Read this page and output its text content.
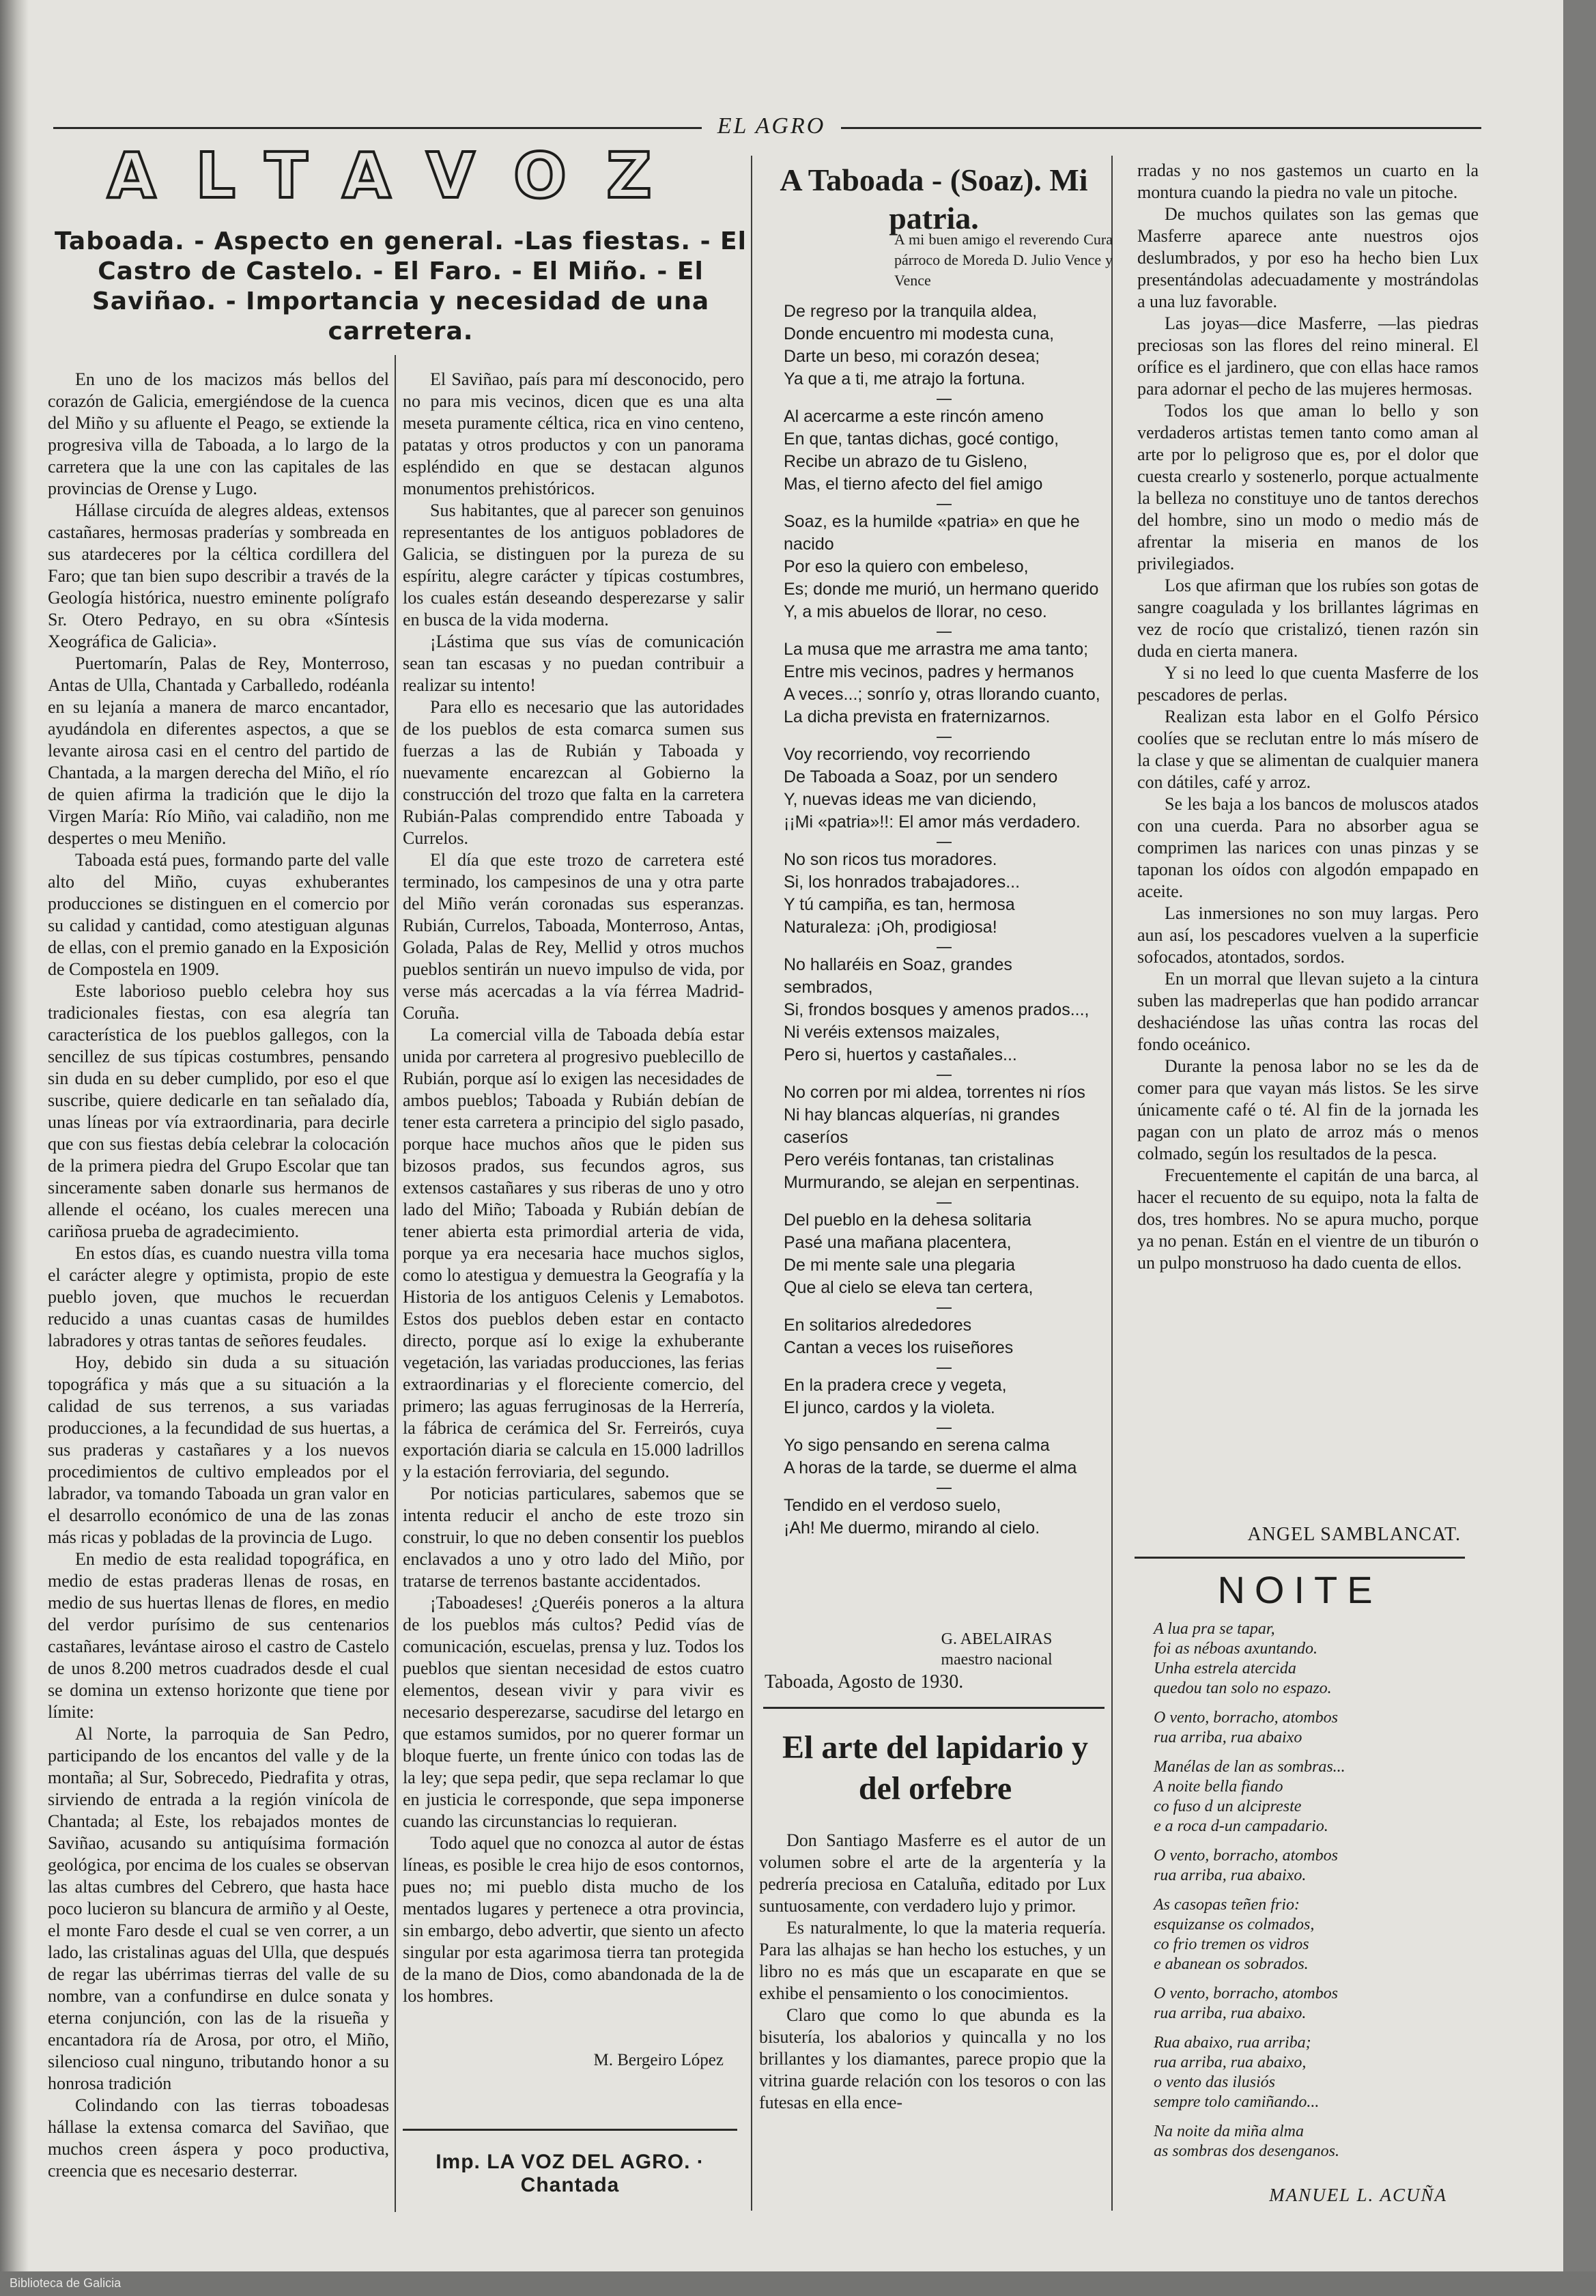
EL AGRO
ALTAVOZ
Taboada. - Aspecto en general. -Las fiestas. - El Castro de Castelo. - El Faro. - El Miño. - El Saviñao. - Importancia y necesidad de una carretera.

En uno de los macizos más bellos del corazón de Galicia, emergiéndose de la cuenca del Miño y su afluente el Peago, se extiende la progresiva villa de Taboada, a lo largo de la carretera que la une con las capitales de las provincias de Orense y Lugo.

Hállase circuída de alegres aldeas, extensos castañares, hermosas praderías y sombreada en sus atardeceres por la céltica cordillera del Faro; que tan bien supo describir a través de la Geología histórica, nuestro eminente polígrafo Sr. Otero Pedrayo, en su obra «Síntesis Xeográfica de Galicia».

Puertomarín, Palas de Rey, Monterroso, Antas de Ulla, Chantada y Carballedo, rodéanla en su lejanía a manera de marco encantador, ayudándola en diferentes aspectos, a que se levante airosa casi en el centro del partido de Chantada, a la margen derecha del Miño, el río de quien afirma la tradición que le dijo la Virgen María: Río Miño, vai caladiño, non me despertes o meu Meniño.

Taboada está pues, formando parte del valle alto del Miño, cuyas exhuberantes producciones se distinguen en el comercio por su calidad y cantidad, como atestiguan algunas de ellas, con el premio ganado en la Exposición de Compostela en 1909.

Este laborioso pueblo celebra hoy sus tradicionales fiestas, con esa alegría tan característica de los pueblos gallegos, con la sencillez de sus típicas costumbres, pensando sin duda en su deber cumplido, por eso el que suscribe, quiere dedicarle en tan señalado día, unas líneas por vía extraordinaria, para decirle que con sus fiestas debía celebrar la colocación de la primera piedra del Grupo Escolar que tan sinceramente saben donarle sus hermanos de allende el océano, los cuales merecen una cariñosa prueba de agradecimiento.

En estos días, es cuando nuestra villa toma el carácter alegre y optimista, propio de este pueblo joven, que muchos le recuerdan reducido a unas cuantas casas de humildes labradores y otras tantas de señores feudales.

Hoy, debido sin duda a su situación topográfica y más que a su situación a la calidad de sus terrenos, a sus variadas producciones, a la fecundidad de sus huertas, a sus praderas y castañares y a los nuevos procedimientos de cultivo empleados por el labrador, va tomando Taboada un gran valor en el desarrollo económico de una de las zonas más ricas y pobladas de la provincia de Lugo.

En medio de esta realidad topográfica, en medio de estas praderas llenas de rosas, en medio de sus huertas llenas de flores, en medio del verdor purísimo de sus centenarios castañares, levántase airoso el castro de Castelo de unos 8.200 metros cuadrados desde el cual se domina un extenso horizonte que tiene por límite:

Al Norte, la parroquia de San Pedro, participando de los encantos del valle y de la montaña; al Sur, Sobrecedo, Piedrafita y otras, sirviendo de entrada a la región vinícola de Chantada; al Este, los rebajados montes de Saviñao, acusando su antiquísima formación geológica, por encima de los cuales se observan las altas cumbres del Cebrero, que hasta hace poco lucieron su blancura de armiño y al Oeste, el monte Faro desde el cual se ven correr, a un lado, las cristalinas aguas del Ulla, que después de regar las ubérrimas tierras del valle de su nombre, van a confundirse en dulce sonata y eterna conjunción, con las de la risueña y encantadora ría de Arosa, por otro, el Miño, silencioso cual ninguno, tributando honor a su honrosa tradición

Colindando con las tierras toboadesas hállase la extensa comarca del Saviñao, que muchos creen áspera y poco productiva, creencia que es necesario desterrar.

El Saviñao, país para mí desconocido, pero no para mis vecinos, dicen que es una alta meseta puramente céltica, rica en vino centeno, patatas y otros productos y con un panorama espléndido en que se destacan algunos monumentos prehistóricos.

Sus habitantes, que al parecer son genuinos representantes de los antiguos pobladores de Galicia, se distinguen por la pureza de su espíritu, alegre carácter y típicas costumbres, los cuales están deseando desperezarse y salir en busca de la vida moderna.

¡Lástima que sus vías de comunicación sean tan escasas y no puedan contribuir a realizar su intento!

Para ello es necesario que las autoridades de los pueblos de esta comarca sumen sus fuerzas a las de Rubián y Taboada y nuevamente encarezcan al Gobierno la construcción del trozo que falta en la carretera Rubián-Palas comprendido entre Taboada y Currelos.

El día que este trozo de carretera esté terminado, los campesinos de una y otra parte del Miño verán coronadas sus esperanzas. Rubián, Currelos, Taboada, Monterroso, Antas, Golada, Palas de Rey, Mellid y otros muchos pueblos sentirán un nuevo impulso de vida, por verse más acercadas a la vía férrea Madrid-Coruña.

La comercial villa de Taboada debía estar unida por carretera al progresivo pueblecillo de Rubián, porque así lo exigen las necesidades de ambos pueblos; Taboada y Rubián debían de tener esta carretera a principio del siglo pasado, porque hace muchos años que le piden sus bizosos prados, sus fecundos agros, sus extensos castañares y sus riberas de uno y otro lado del Miño; Taboada y Rubián debían de tener abierta esta primordial arteria de vida, porque ya era necesaria hace muchos siglos, como lo atestigua y demuestra la Geografía y la Historia de los antiguos Celenis y Lemabotos. Estos dos pueblos deben estar en contacto directo, porque así lo exige la exhuberante vegetación, las variadas producciones, las ferias extraordinarias y el floreciente comercio, del primero; las aguas ferruginosas de la Herrería, la fábrica de cerámica del Sr. Ferreirós, cuya exportación diaria se calcula en 15.000 ladrillos y la estación ferroviaria, del segundo.

Por noticias particulares, sabemos que se intenta reducir el ancho de este trozo sin construir, lo que no deben consentir los pueblos enclavados a uno y otro lado del Miño, por tratarse de terrenos bastante accidentados.

¡Taboadeses! ¿Queréis poneros a la altura de los pueblos más cultos? Pedid vías de comunicación, escuelas, prensa y luz. Todos los pueblos que sientan necesidad de estos cuatro elementos, desean vivir y para vivir es necesario desperezarse, sacudirse del letargo en que estamos sumidos, por no querer formar un bloque fuerte, un frente único con todas las de la ley; que sepa pedir, que sepa reclamar lo que en justicia le corresponde, que sepa imponerse cuando las circunstancias lo requieran.

Todo aquel que no conozca al autor de éstas líneas, es posible le crea hijo de esos contornos, pues no; mi pueblo dista mucho de los mentados lugares y pertenece a otra provincia, sin embargo, debo advertir, que siento un afecto singular por esta agarimosa tierra tan protegida de la mano de Dios, como abandonada de la de los hombres.

M. Bergeiro López
Imp. LA VOZ DEL AGRO. · Chantada
A Taboada - (Soaz). Mi patria.
A mi buen amigo el reverendo Cura párroco de Moreda D. Julio Vence y Vence

De regreso por la tranquila aldea,

Donde encuentro mi modesta cuna,

Darte un beso, mi corazón desea;

Ya que a ti, me atrajo la fortuna.

Al acercarme a este rincón ameno

En que, tantas dichas, gocé contigo,

Recibe un abrazo de tu Gisleno,

Mas, el tierno afecto del fiel amigo

Soaz, es la humilde «patria» en que he nacido

Por eso la quiero con embeleso,

Es; donde me murió, un hermano querido

Y, a mis abuelos de llorar, no ceso.

La musa que me arrastra me ama tanto;

Entre mis vecinos, padres y hermanos

A veces...; sonrío y, otras llorando cuanto,

La dicha prevista en fraternizarnos.

Voy recorriendo, voy recorriendo

De Taboada a Soaz, por un sendero

Y, nuevas ideas me van diciendo,

¡¡Mi «patria»!!: El amor más verdadero.

No son ricos tus moradores.

Si, los honrados trabajadores...

Y tú campiña, es tan, hermosa

Naturaleza: ¡Oh, prodigiosa!

No hallaréis en Soaz, grandes sembrados,

Si, frondos bosques y amenos prados...,

Ni veréis extensos maizales,

Pero si, huertos y castañales...

No corren por mi aldea, torrentes ni ríos

Ni hay blancas alquerías, ni grandes caseríos

Pero veréis fontanas, tan cristalinas

Murmurando, se alejan en serpentinas.

Del pueblo en la dehesa solitaria

Pasé una mañana placentera,

De mi mente sale una plegaria

Que al cielo se eleva tan certera,

En solitarios alrededores

Cantan a veces los ruiseñores

En la pradera crece y vegeta,

El junco, cardos y la violeta.

Yo sigo pensando en serena calma

A horas de la tarde, se duerme el alma

Tendido en el verdoso suelo,

¡Ah! Me duermo, mirando al cielo.

G. ABELAIRAS
maestro nacional
Taboada, Agosto de 1930.
El arte del lapidario y del orfebre

Don Santiago Masferre es el autor de un volumen sobre el arte de la argentería y la pedrería preciosa en Cataluña, editado por Lux suntuosamente, con verdadero lujo y primor.

Es naturalmente, lo que la materia requería. Para las alhajas se han hecho los estuches, y un libro no es más que un escaparate en que se exhibe el pensamiento o los conocimientos.

Claro que como lo que abunda es la bisutería, los abalorios y quincalla y no los brillantes y los diamantes, parece propio que la vitrina guarde relación con los tesoros o con las futesas en ella ence-

rradas y no nos gastemos un cuarto en la montura cuando la piedra no vale un pitoche.

De muchos quilates son las gemas que Masferre aparece ante nuestros ojos deslumbrados, y por eso ha hecho bien Lux presentándolas adecuadamente y mostrándolas a una luz favorable.

Las joyas—dice Masferre, —las piedras preciosas son las flores del reino mineral. El orífice es el jardinero, que con ellas hace ramos para adornar el pecho de las mujeres hermosas.

Todos los que aman lo bello y son verdaderos artistas temen tanto como aman al arte por lo peligroso que es, por el dolor que cuesta crearlo y sostenerlo, porque actualmente la belleza no constituye uno de tantos derechos del hombre, sino un modo o medio más de afrentar la miseria en manos de los privilegiados.

Los que afirman que los rubíes son gotas de sangre coagulada y los brillantes lágrimas en vez de rocío que cristalizó, tienen razón sin duda en cierta manera.

Y si no leed lo que cuenta Masferre de los pescadores de perlas.

Realizan esta labor en el Golfo Pérsico coolíes que se reclutan entre lo más mísero de la clase y que se alimentan de cualquier manera con dátiles, café y arroz.

Se les baja a los bancos de moluscos atados con una cuerda. Para no absorber agua se comprimen las narices con unas pinzas y se taponan los oídos con algodón empapado en aceite.

Las inmersiones no son muy largas. Pero aun así, los pescadores vuelven a la superficie sofocados, atontados, sordos.

En un morral que llevan sujeto a la cintura suben las madreperlas que han podido arrancar deshaciéndose las uñas contra las rocas del fondo oceánico.

Durante la penosa labor no se les da de comer para que vayan más listos. Se les sirve únicamente café o té. Al fin de la jornada les pagan con un plato de arroz más o menos colmado, según los resultados de la pesca.

Frecuentemente el capitán de una barca, al hacer el recuento de su equipo, nota la falta de dos, tres hombres. No se apura mucho, porque ya no penan. Están en el vientre de un tiburón o un pulpo monstruoso ha dado cuenta de ellos.

ANGEL SAMBLANCAT.
NOITE

A lua pra se tapar,

foi as néboas axuntando.

Unha estrela atercida

quedou tan solo no espazo.

O vento, borracho, atombos

rua arriba, rua abaixo

Manélas de lan as sombras...

A noite bella fiando

co fuso d un alcipreste

e a roca d-un campadario.

O vento, borracho, atombos

rua arriba, rua abaixo.

As casopas teñen frio:

esquizanse os colmados,

co frio tremen os vidros

e abanean os sobrados.

O vento, borracho, atombos

rua arriba, rua abaixo.

Rua abaixo, rua arriba;

rua arriba, rua abaixo,

o vento das ilusiós

sempre tolo camiñando...

Na noite da miña alma

as sombras dos desenganos.

MANUEL L. ACUÑA
Biblioteca de Galicia
